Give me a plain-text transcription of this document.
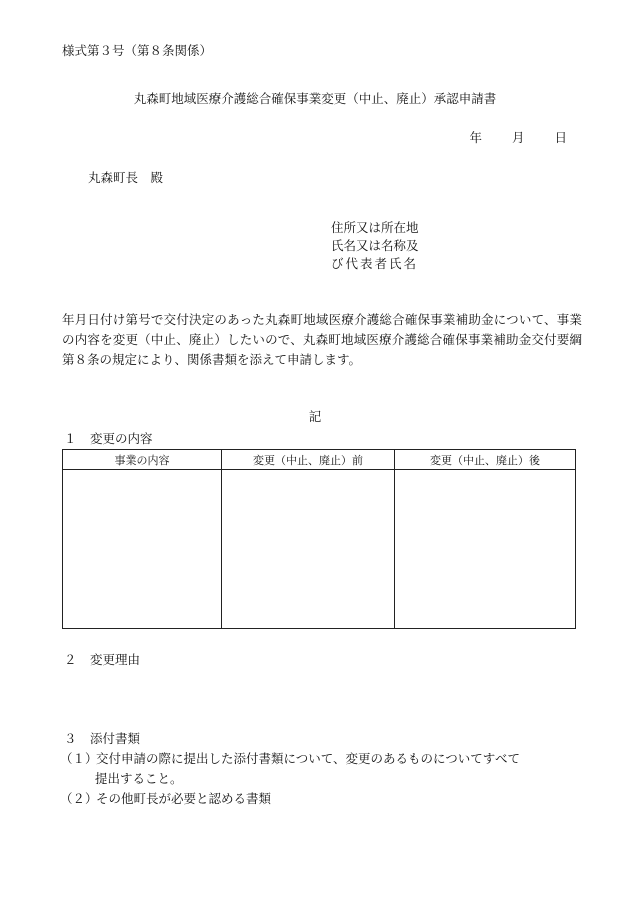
様式第３号（第８条関係）
丸森町地域医療介護総合確保事業変更（中止、廃止）承認申請書
年 月 日
丸森町長　殿
住所又は所在地
氏名又は名称及
び代表者氏名
年月日付け第号で交付決定のあった丸森町地域医療介護総合確保事業補助金について、事業の内容を変更（中止、廃止）したいので、丸森町地域医療介護総合確保事業補助金交付要綱第８条の規定により、関係書類を添えて申請します。
記
１ 変更の内容
事業の内容	変更（中止、廃止）前	変更（中止、廃止）後

２ 変更理由
３ 添付書類
（１）交付申請の際に提出した添付書類について、変更のあるものについてすべて
提出すること。
（２）その他町長が必要と認める書類
